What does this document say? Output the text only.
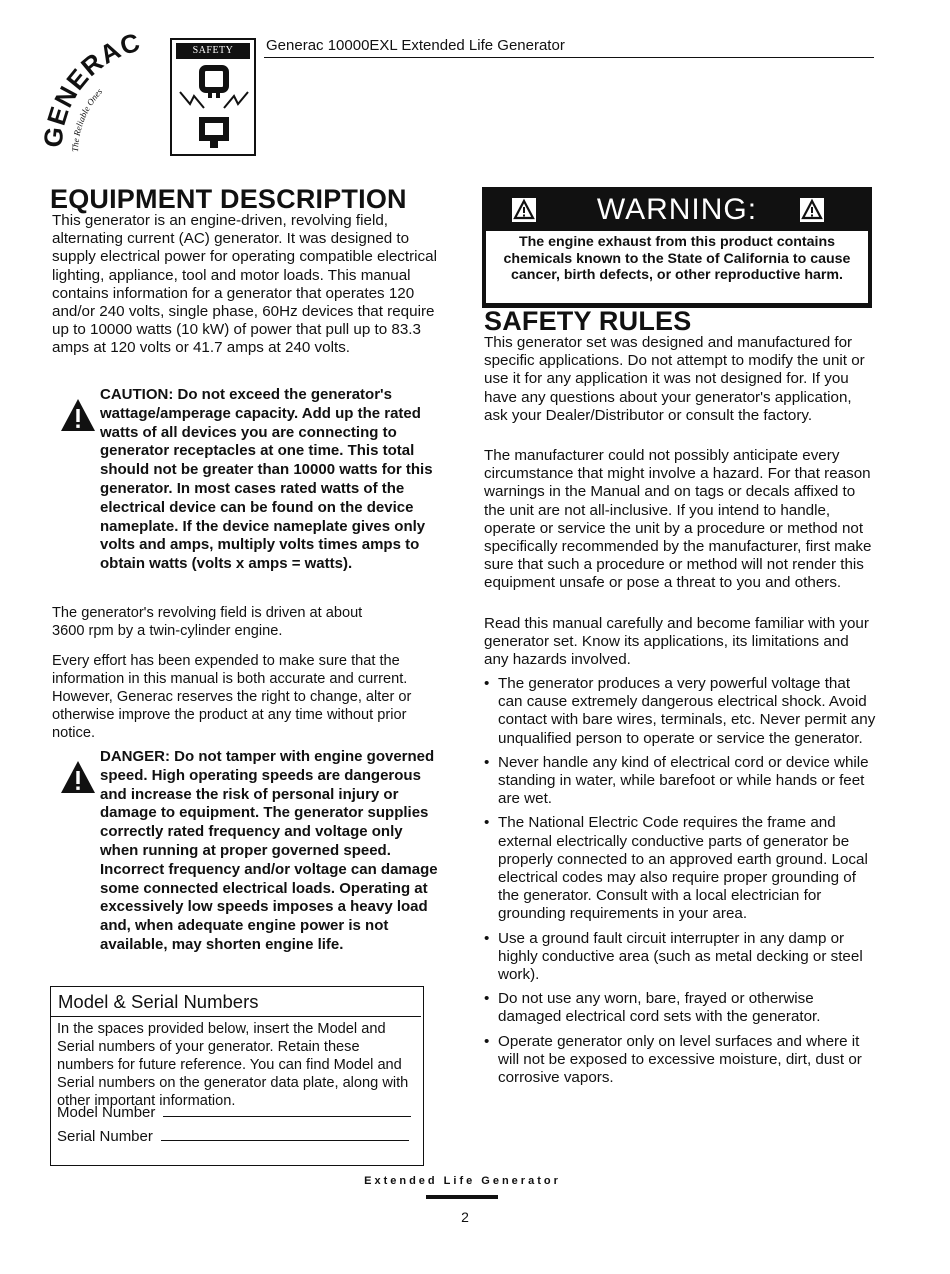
GENERAC
The Reliable Ones
SAFETY RULES
Generac 10000EXL Extended Life Generator
EQUIPMENT DESCRIPTION
This generator is an engine-driven, revolving field, alternating current (AC) generator. It was designed to supply electrical power for operating compatible electrical lighting, appliance, tool and motor loads. This manual contains information for a generator that operates 120 and/or 240 volts, single phase, 60Hz devices that require up to 10000 watts (10 kW) of power that pull up to 83.3 amps at 120 volts or 41.7 amps at 240 volts.
CAUTION: Do not exceed the generator's wattage/amperage capacity. Add up the rated watts of all devices you are connecting to generator receptacles at one time. This total should not be greater than 10000 watts for this generator. In most cases rated watts of the electrical device can be found on the device nameplate. If the device nameplate gives only volts and amps, multiply volts times amps to obtain watts (volts x amps = watts).
The generator's revolving field is driven at about 3600 rpm by a twin-cylinder engine.
Every effort has been expended to make sure that the information in this manual is both accurate and current. However, Generac reserves the right to change, alter or otherwise improve the product at any time without prior notice.
DANGER: Do not tamper with engine governed speed. High operating speeds are dangerous and increase the risk of personal injury or damage to equipment. The generator supplies correctly rated frequency and voltage only when running at proper governed speed. Incorrect frequency and/or voltage can damage some connected electrical loads. Operating at excessively low speeds imposes a heavy load and, when adequate engine power is not available, may shorten engine life.
Model & Serial Numbers
In the spaces provided below, insert the Model and Serial numbers of your generator. Retain these numbers for future reference. You can find Model and Serial numbers on the generator data plate, along with other important information.
Model Number
Serial Number
WARNING:
The engine exhaust from this product contains chemicals known to the State of California to cause cancer, birth defects, or other reproductive harm.
SAFETY RULES
This generator set was designed and manufactured for specific applications. Do not attempt to modify the unit or use it for any application it was not designed for. If you have any questions about your generator's application, ask your Dealer/Distributor or consult the factory.
The manufacturer could not possibly anticipate every circumstance that might involve a hazard. For that reason warnings in the Manual and on tags or decals affixed to the unit are not all-inclusive. If you intend to handle, operate or service the unit by a procedure or method not specifically recommended by the manufacturer, first make sure that such a procedure or method will not render this equipment unsafe or pose a threat to you and others.
Read this manual carefully and become familiar with your generator set. Know its applications, its limitations and any hazards involved.
• The generator produces a very powerful voltage that can cause extremely dangerous electrical shock. Avoid contact with bare wires, terminals, etc. Never permit any unqualified person to operate or service the generator.
• Never handle any kind of electrical cord or device while standing in water, while barefoot or while hands or feet are wet.
• The National Electric Code requires the frame and external electrically conductive parts of generator be properly connected to an approved earth ground. Local electrical codes may also require proper grounding of the generator. Consult with a local electrician for grounding requirements in your area.
• Use a ground fault circuit interrupter in any damp or highly conductive area (such as metal decking or steel work).
• Do not use any worn, bare, frayed or otherwise damaged electrical cord sets with the generator.
• Operate generator only on level surfaces and where it will not be exposed to excessive moisture, dirt, dust or corrosive vapors.
Extended Life Generator
2
